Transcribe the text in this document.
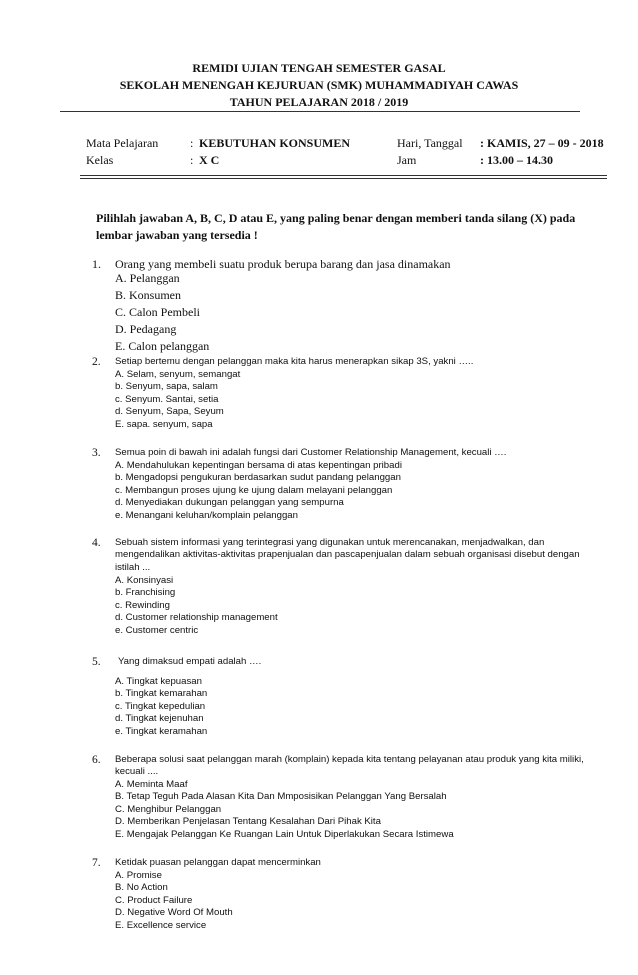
REMIDI UJIAN TENGAH SEMESTER GASAL
SEKOLAH MENENGAH KEJURUAN (SMK) MUHAMMADIYAH CAWAS
TAHUN PELAJARAN 2018 / 2019
Mata Pelajaran	: KEBUTUHAN KONSUMEN	Hari, Tanggal : KAMIS, 27 – 09 - 2018
Kelas	: X C	Jam	: 13.00 – 14.30
Pilihlah jawaban A, B, C, D atau E, yang paling benar dengan memberi tanda silang (X) pada lembar jawaban yang tersedia !
1. Orang yang membeli suatu produk berupa barang dan jasa dinamakan
A. Pelanggan
B. Konsumen
C. Calon Pembeli
D. Pedagang
E. Calon pelanggan
2. Setiap bertemu dengan pelanggan maka kita harus menerapkan sikap 3S, yakni …..
A. Selam, senyum, semangat
b. Senyum, sapa, salam
c. Senyum. Santai, setia
d. Senyum, Sapa, Seyum
E. sapa. senyum, sapa
3. Semua poin di bawah ini adalah fungsi dari Customer Relationship Management, kecuali ….
A. Mendahulukan kepentingan bersama di atas kepentingan pribadi
b. Mengadopsi pengukuran berdasarkan sudut pandang pelanggan
c. Membangun proses ujung ke ujung dalam melayani pelanggan
d. Menyediakan dukungan pelanggan yang sempurna
e. Menangani keluhan/komplain pelanggan
4. Sebuah sistem informasi yang terintegrasi yang digunakan untuk merencanakan, menjadwalkan, dan mengendalikan aktivitas-aktivitas prapenjualan dan pascapenjualan dalam sebuah organisasi disebut dengan istilah ...
A. Konsinyasi
b. Franchising
c. Rewinding
d. Customer relationship management
e. Customer centric
5. Yang dimaksud empati adalah ….
A. Tingkat kepuasan
b. Tingkat kemarahan
c. Tingkat kepedulian
d. Tingkat kejenuhan
e. Tingkat keramahan
6. Beberapa solusi saat pelanggan marah (komplain) kepada kita tentang pelayanan atau produk yang kita miliki, kecuali ....
A. Meminta Maaf
B. Tetap Teguh Pada Alasan Kita Dan Mmposisikan Pelanggan Yang Bersalah
C. Menghibur Pelanggan
D. Memberikan Penjelasan Tentang Kesalahan Dari Pihak Kita
E. Mengajak Pelanggan Ke Ruangan Lain Untuk Diperlakukan Secara Istimewa
7. Ketidak puasan pelanggan dapat mencerminkan
A. Promise
B. No Action
C. Product Failure
D. Negative Word Of Mouth
E. Excellence service
